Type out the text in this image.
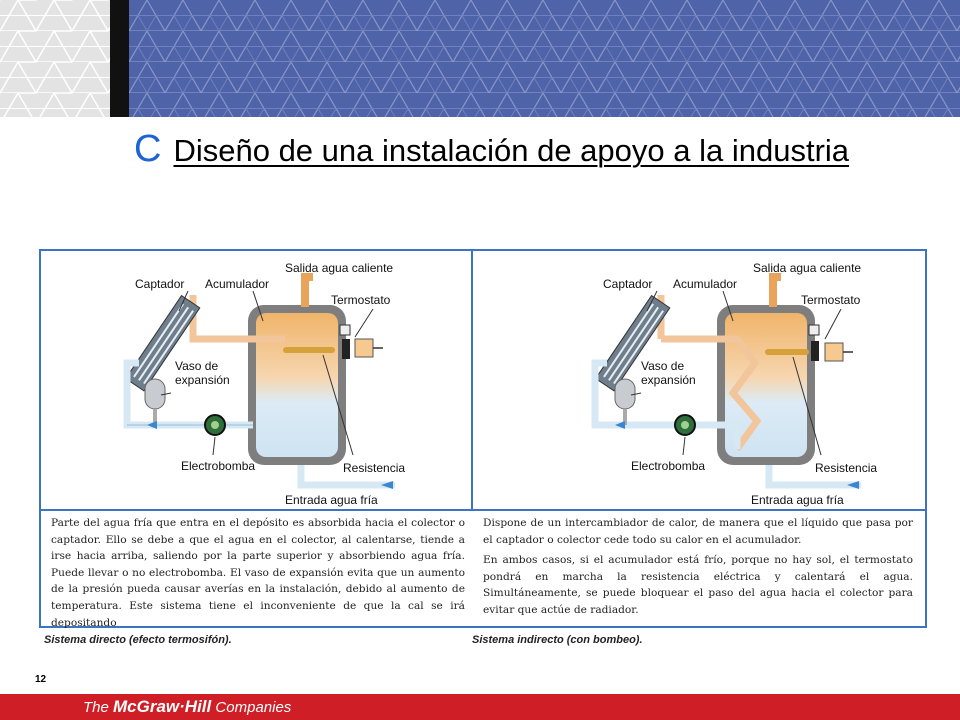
C Diseño de una instalación de apoyo a la industria
Captador Acumulador
Salida agua caliente
Termostato
Vaso de
expansión
Electrobomba	Resistencia
Entrada agua fría
Captador Acumulador
Salida agua caliente
Termostato
Vaso de
expansión
Electrobomba	Resistencia
Entrada agua fría

Parte del agua fría que entra en el depósito es absorbida hacia el colector o captador. Ello se debe a que el agua en el colector, al calentarse, tiende a irse hacia arriba, saliendo por la parte superior y absorbiendo agua fría. Puede llevar o no electrobomba. El vaso de expansión evita que un aumento de la presión pueda causar averías en la instalación, debido al aumento de temperatura. Este sistema tiene el inconveniente de que la cal se irá depositando

Dispone de un intercambiador de calor, de manera que el líquido que pasa por el captador o colector cede todo su calor en el acumulador.

En ambos casos, si el acumulador está frío, porque no hay sol, el termostato pondrá en marcha la resistencia eléctrica y calentará el agua. Simultáneamente, se puede bloquear el paso del agua hacia el colector para evitar que actúe de radiador.

Sistema directo (efecto termosifón).	Sistema indirecto (con bombeo).
12
The McGraw·Hill Companies
